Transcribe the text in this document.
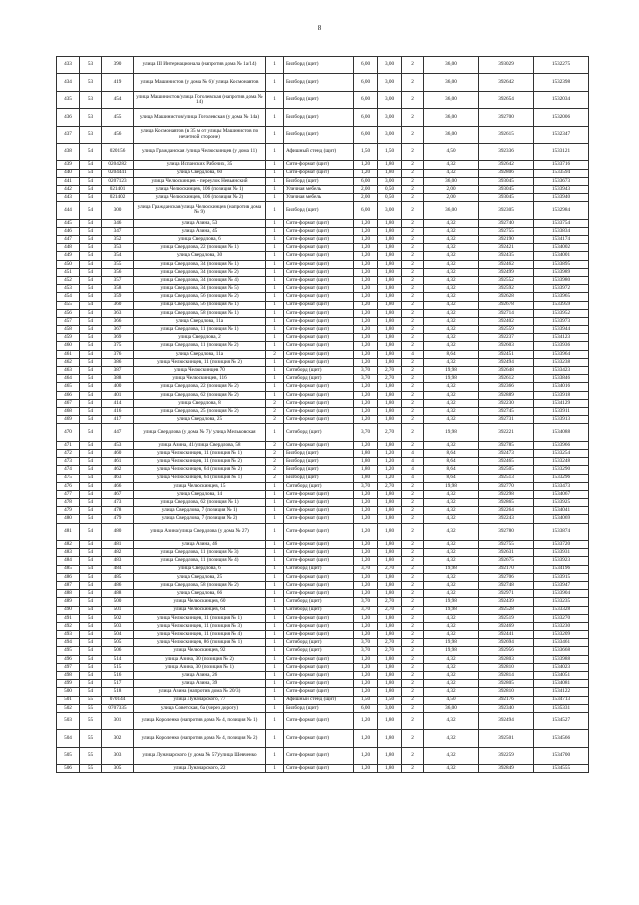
8
433	53	390	улица III Интернационала (напротив дома № 1а/14)	1	Билборд (щит)	6,00	3,00	2	36,00	393029	1532275
434	53	419	улица Машинистов (у дома № 6)/ улица Космонавтов	1	Билборд (щит)	6,00	3,00	2	36,00	392642	1532398
435	53	454	улица Машинистов/улица Гоголевская (напротив дома № 14)	1	Билборд (щит)	6,00	3,00	2	36,00	392654	1532034
436	53	455	улица Машинистов/улица Гоголевская (у дома № 14а)	1	Билборд (щит)	6,00	3,00	2	36,00	392700	1532006
437	53	456	улица Космонавтов (в 35 м от улицы Машинистов по нечетной стороне)	1	Билборд (щит)	6,00	3,00	2	36,00	392615	1532347
438	54	020156	улица Гражданская /улица Челюскинцев (у дома 11)	1	Афишный стенд (щит)	1,50	1,50	2	4,50	392336	1533121
439	54	0204282	улица Испанских Рабочих, 35	1	Сити-формат (щит)	1,20	1,80	2	4,32	392642	1533716
440	54	0204441	улица Свердлова, 60	1	Сити-формат (щит)	1,20	1,80	2	4,32	392806	1533594
441	54	0207123	улица Челюскинцев - переулок Невьянский	1	Билборд (щит)	6,00	3,00	2	36,00	393045	1533673
442	54	021401	улица Челюскинцев, 106 (позиция № 1)	1	Уличная мебель	2,00	0,50	2	2,00	393045	1533943
443	54	021402	улица Челюскинцев, 106 (позиция № 2)	1	Уличная мебель	2,00	0,50	2	2,00	393045	1533940
444	54	300	улица Гражданская/улица Челюскинцев (напротив дома № 9)	1	Билборд (щит)	6,00	3,00	2	36,00	392305	1532984
445	54	346	улица Азина, 53	1	Сити-формат (щит)	1,20	1,80	2	4,32	392740	1533754
446	54	347	улица Азина, 45	1	Сити-формат (щит)	1,20	1,80	2	4,32	392755	1533834
447	54	352	улица Свердлова, 6	1	Сити-формат (щит)	1,20	1,80	2	4,32	392190	1534174
448	54	353	улица Свердлова, 22 (позиция № 1)	1	Сити-формат (щит)	1,20	1,80	2	4,32	392421	1534002
449	54	354	улица Свердлова, 30	1	Сити-формат (щит)	1,20	1,80	2	4,32	392435	1534001
450	54	355	улица Свердлова, 34 (позиция № 1)	1	Сити-формат (щит)	1,20	1,80	2	4,32	392462	1533895
451	54	356	улица Свердлова, 34 (позиция № 2)	1	Сити-формат (щит)	1,20	1,80	2	4,32	392499	1533989
452	54	357	улица Свердлова, 34 (позиция № 4)	1	Сити-формат (щит)	1,20	1,80	2	4,32	392552	1533980
453	54	358	улица Свердлова, 34 (позиция № 5)	1	Сити-формат (щит)	1,20	1,80	2	4,32	392592	1533972
454	54	359	улица Свердлова, 56 (позиция № 2)	1	Сити-формат (щит)	1,20	1,80	2	4,32	392628	1533965
455	54	360	улица Свердлова, 56 (позиция № 1)	1	Сити-формат (щит)	1,20	1,80	2	4,32	392678	1533959
456	54	363	улица Свердлова, 58 (позиция № 1)	1	Сити-формат (щит)	1,20	1,80	2	4,32	392714	1533952
457	54	366	улица Свердлова, 11а	1	Сити-формат (щит)	1,20	1,80	2	4,32	392402	1533973
458	54	367	улица Свердлова, 11 (позиция № 1)	1	Сити-формат (щит)	1,20	1,80	2	4,32	392559	1533944
459	54	369	улица Свердлова, 2	1	Сити-формат (щит)	1,20	1,80	2	4,32	392237	1534123
460	54	375	улица Свердлова, 11 (позиция № 2)	1	Сити-формат (щит)	1,20	1,80	2	4,32	392603	1533936
461	54	376	улица Свердлова, 11а	2	Сити-формат (щит)	1,20	1,80	4	8,64	392451	1533964
462	54	386	улица Челюскинцев, 11 (позиция № 2)	1	Сити-формат (щит)	1,20	1,80	2	4,32	392494	1533238
463	54	387	улица Челюскинцев 70	1	Ситиборд (щит)	3,70	2,70	2	19,98	392648	1533423
464	54	388	улица Челюскинцев, 116	1	Ситиборд (щит)	3,70	2,70	2	19,98	392612	1533846
465	54	400	улица Свердлова, 22 (позиция № 2)	1	Сити-формат (щит)	1,20	1,80	2	4,32	392366	1534016
466	54	401	улица Свердлова, 62 (позиция № 2)	1	Сити-формат (щит)	1,20	1,80	2	4,32	392889	1533918
467	54	414	улица Свердлова, 8	2	Сити-формат (щит)	1,20	1,80	2	4,32	392230	1534129
468	54	416	улица Свердлова, 25 (позиция № 2)	2	Сити-формат (щит)	1,20	1,80	2	4,32	392745	1533911
469	54	417	улица Свердлова, 25	2	Сити-формат (щит)	1,20	1,80	2	4,32	392731	1533913
470	54	447	улица Свердлова (у дома № 7)/ улица Мельковская	1	Ситиборд (щит)	3,70	2,70	2	19,98	392221	1534088
471	54	453	улица Азина, 41/улица Свердлова, 58	2	Сити-формат (щит)	1,20	1,80	2	4,32	392785	1533966
472	54	460	улица Челюскинцев, 11 (позиция № 1)	2	Билборд (щит)	1,80	1,20	4	8,64	392473	1533254
473	54	461	улица Челюскинцев, 11 (позиция № 2)	2	Билборд (щит)	1,80	1,20	4	8,64	392465	1533248
474	54	462	улица Челюскинцев, 64 (позиция № 2)	2	Билборд (щит)	1,80	1,20	4	8,64	392505	1533290
475	54	463	улица Челюскинцев, 64 (позиция № 1)	2	Билборд (щит)	1,80	1,20	4	8,64	392513	1533296
476	54	466	улица Челюскинцев, 15	1	Ситиборд (щит)	3,70	2,70	2	19,98	392770	1533473
477	54	467	улица Свердлова, 14	1	Сити-формат (щит)	1,20	1,80	2	4,32	392298	1534067
478	54	473	улица Свердлова, 62 (позиция № 1)	1	Сити-формат (щит)	1,20	1,80	2	4,32	392865	1533925
479	54	478	улица Свердлова, 7 (позиция № 1)	1	Сити-формат (щит)	1,20	1,80	2	4,32	392264	1534041
480	54	479	улица Свердлова, 7 (позиция № 2)	1	Сити-формат (щит)	1,20	1,80	2	4,32	392243	1534069
481	54	480	улица Азина/улица Свердлова (у дома № 27)	1	Сити-формат (щит)	1,20	1,80	2	4,32	392780	1533874
482	54	481	улица Азина, 46	1	Сити-формат (щит)	1,20	1,80	2	4,32	392755	1533720
483	54	482	улица Свердлова, 11 (позиция № 3)	1	Сити-формат (щит)	1,20	1,80	2	4,32	392631	1533931
484	54	483	улица Свердлова, 11 (позиция № 4)	1	Сити-формат (щит)	1,20	1,80	2	4,32	392675	1533923
485	54	484	улица Свердлова, 6	1	Ситиборд (щит)	3,70	2,70	2	19,98	392170	1534196
486	54	485	улица Свердлова, 25	1	Сити-формат (щит)	1,20	1,80	2	4,32	392706	1533915
487	54	486	улица Свердлова, 58 (позиция № 2)	1	Сити-формат (щит)	1,20	1,80	2	4,32	392748	1533947
488	54	488	улица Свердлова, 66	1	Сити-формат (щит)	1,20	1,80	2	4,32	392971	1533904
489	54	500	улица Челюскинцев, 60	1	Ситиборд (щит)	3,70	2,70	2	19,98	392439	1533235
490	54	501	улица Челюскинцев, 64	1	Ситиборд (щит)	3,70	2,70	2	19,98	392528	1533328
491	54	502	улица Челюскинцев, 11 (позиция № 1)	1	Сити-формат (щит)	1,20	1,80	2	4,32	392519	1533270
492	54	503	улица Челюскинцев, 11 (позиция № 3)	1	Сити-формат (щит)	1,20	1,80	2	4,32	392469	1533230
493	54	504	улица Челюскинцев, 11 (позиция № 4)	1	Сити-формат (щит)	1,20	1,80	2	4,32	392441	1533209
494	54	505	улица Челюскинцев, 86 (позиция № 1)	1	Ситиборд (щит)	3,70	2,70	2	19,98	392694	1533461
495	54	506	улица Челюскинцев, 92	1	Ситиборд (щит)	3,70	2,70	2	19,98	392956	1533668
496	54	514	улица Азина, 30 (позиция № 2)	1	Сити-формат (щит)	1,20	1,80	2	4,32	392803	1533988
497	54	515	улица Азина, 30 (позиция № 1)	1	Сити-формат (щит)	1,20	1,80	2	4,32	392810	1534023
498	54	516	улица Азина, 26	1	Сити-формат (щит)	1,20	1,80	2	4,32	392814	1534051
499	54	517	улица Азина, 39	1	Сити-формат (щит)	1,20	1,80	2	4,32	392805	1534081
500	54	518	улица Азина (напротив дома № 20/3)	1	Сити-формат (щит)	1,20	1,80	2	4,32	392810	1534122
501	55	070144	улица Луначарского, 77	1	Афишный стенд (щит)	1,50	1,50	2	4,50	392176	1534713
502	55	0707335	улица Советская, 6а (через дорогу)	1	Билборд (щит)	6,00	3,00	2	36,00	392340	1535331
503	55	301	улица Короленко (напротив дома № 4, позиция № 1)	1	Сити-формат (щит)	1,20	1,80	2	4,32	392494	1534527
504	55	302	улица Короленко (напротив дома № 4, позиция № 2)	1	Сити-формат (щит)	1,20	1,80	2	4,32	392501	1534566
505	55	303	улица Луначарского (у дома № 57)/улица Шевченко	1	Сити-формат (щит)	1,20	1,80	2	4,32	392259	1534700
506	55	305	улица Луначарского, 22	1	Сити-формат (щит)	1,20	1,80	2	4,32	392849	1534555
